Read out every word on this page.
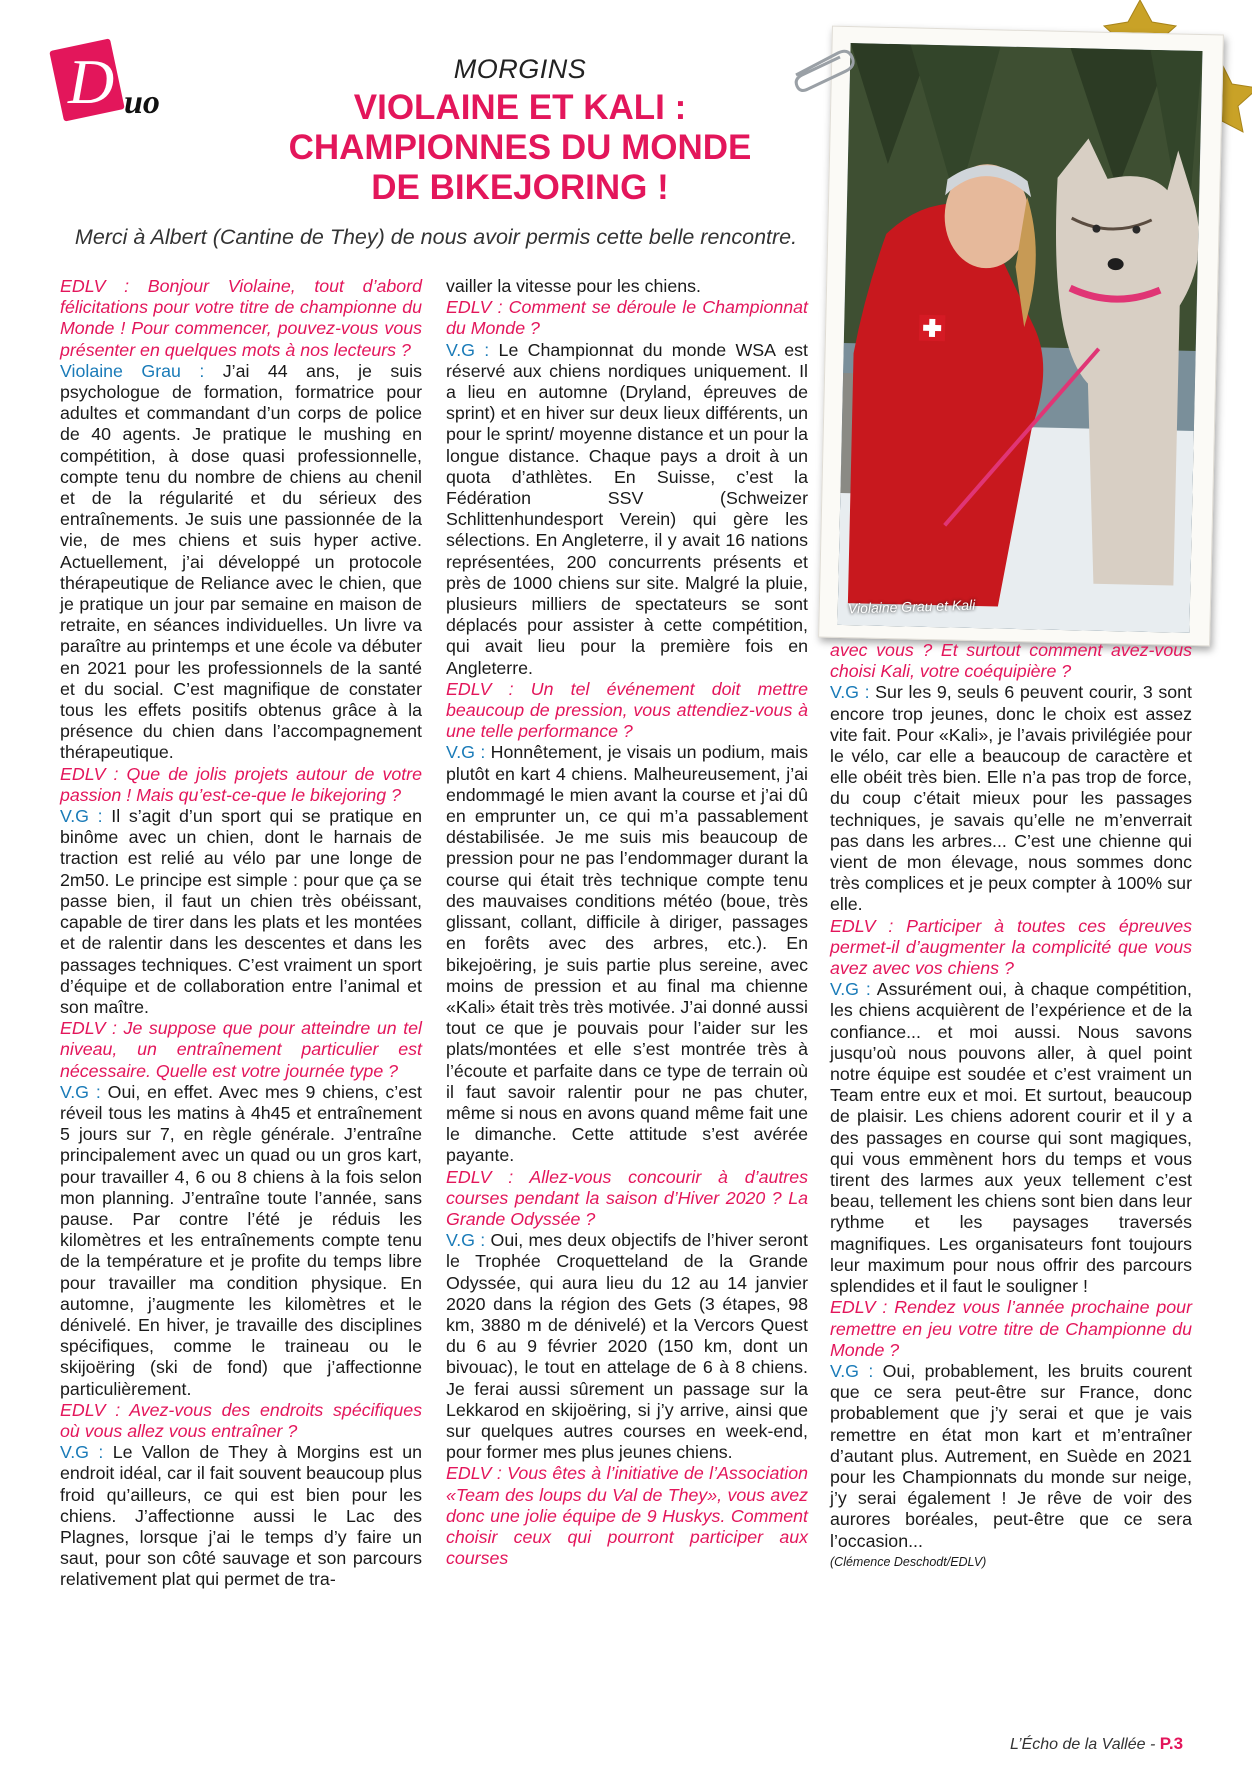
D uo
MORGINS
VIOLAINE ET KALI :
CHAMPIONNES DU MONDE
DE BIKEJORING !
Merci à Albert (Cantine de They) de nous avoir permis cette belle rencontre.
Violaine Grau et Kali

EDLV : Bonjour Violaine, tout d’abord félicitations pour votre titre de championne du Monde ! Pour commencer, pouvez-vous vous présenter en quelques mots à nos lecteurs ?

Violaine Grau : J’ai 44 ans, je suis psychologue de formation, formatrice pour adultes et commandant d’un corps de police de 40 agents. Je pratique le mushing en compétition, à dose quasi professionnelle, compte tenu du nombre de chiens au chenil et de la régularité et du sérieux des entraînements. Je suis une passionnée de la vie, de mes chiens et suis hyper active. Actuellement, j’ai développé un protocole thérapeutique de Reliance avec le chien, que je pratique un jour par semaine en maison de retraite, en séances individuelles. Un livre va paraître au printemps et une école va débuter en 2021 pour les professionnels de la santé et du social. C’est magnifique de constater tous les effets positifs obtenus grâce à la présence du chien dans l’accompagnement thérapeutique.

EDLV : Que de jolis projets autour de votre passion ! Mais qu’est-ce-que le bikejoring ?

V.G : Il s’agit d’un sport qui se pratique en binôme avec un chien, dont le harnais de traction est relié au vélo par une longe de 2m50. Le principe est simple : pour que ça se passe bien, il faut un chien très obéissant, capable de tirer dans les plats et les montées et de ralentir dans les descentes et dans les passages techniques. C’est vraiment un sport d’équipe et de collaboration entre l’animal et son maître.

EDLV : Je suppose que pour atteindre un tel niveau, un entraînement particulier est nécessaire. Quelle est votre journée type ?

V.G : Oui, en effet. Avec mes 9 chiens, c’est réveil tous les matins à 4h45 et entraînement 5 jours sur 7, en règle générale. J’entraîne principalement avec un quad ou un gros kart, pour travailler 4, 6 ou 8 chiens à la fois selon mon planning. J’entraîne toute l’année, sans pause. Par contre l’été je réduis les kilomètres et les entraînements compte tenu de la température et je profite du temps libre pour travailler ma condition physique. En automne, j’augmente les kilomètres et le dénivelé. En hiver, je travaille des disciplines spécifiques, comme le traineau ou le skijoëring (ski de fond) que j’affectionne particulièrement.

EDLV : Avez-vous des endroits spécifiques où vous allez vous entraîner ?

V.G : Le Vallon de They à Morgins est un endroit idéal, car il fait souvent beaucoup plus froid qu’ailleurs, ce qui est bien pour les chiens. J’affectionne aussi le Lac des Plagnes, lorsque j’ai le temps d’y faire un saut, pour son côté sauvage et son parcours relativement plat qui permet de tra-

vailler la vitesse pour les chiens.

EDLV : Comment se déroule le Championnat du Monde ?

V.G : Le Championnat du monde WSA est réservé aux chiens nordiques uniquement. Il a lieu en automne (Dryland, épreuves de sprint) et en hiver sur deux lieux différents, un pour le sprint/ moyenne distance et un pour la longue distance. Chaque pays a droit à un quota d’athlètes. En Suisse, c’est la Fédération SSV (Schweizer Schlittenhundesport Verein) qui gère les sélections. En Angleterre, il y avait 16 nations représentées, 200 concurrents présents et près de 1000 chiens sur site. Malgré la pluie, plusieurs milliers de spectateurs se sont déplacés pour assister à cette compétition, qui avait lieu pour la première fois en Angleterre.

EDLV : Un tel événement doit mettre beaucoup de pression, vous attendiez-vous à une telle performance ?

V.G : Honnêtement, je visais un podium, mais plutôt en kart 4 chiens. Malheureusement, j’ai endommagé le mien avant la course et j’ai dû en emprunter un, ce qui m’a passablement déstabilisée. Je me suis mis beaucoup de pression pour ne pas l’endommager durant la course qui était très technique compte tenu des mauvaises conditions météo (boue, très glissant, collant, difficile à diriger, passages en forêts avec des arbres, etc.). En bikejoëring, je suis partie plus sereine, avec moins de pression et au final ma chienne «Kali» était très très motivée. J’ai donné aussi tout ce que je pouvais pour l’aider sur les plats/montées et elle s’est montrée très à l’écoute et parfaite dans ce type de terrain où il faut savoir ralentir pour ne pas chuter, même si nous en avons quand même fait une le dimanche. Cette attitude s’est avérée payante.

EDLV : Allez-vous concourir à d’autres courses pendant la saison d’Hiver 2020 ? La Grande Odyssée ?

V.G : Oui, mes deux objectifs de l’hiver seront le Trophée Croquetteland de la Grande Odyssée, qui aura lieu du 12 au 14 janvier 2020 dans la région des Gets (3 étapes, 98 km, 3880 m de dénivelé) et la Vercors Quest du 6 au 9 février 2020 (150 km, dont un bivouac), le tout en attelage de 6 à 8 chiens. Je ferai aussi sûrement un passage sur la Lekkarod en skijoëring, si j’y arrive, ainsi que sur quelques autres courses en week-end, pour former mes plus jeunes chiens.

EDLV : Vous êtes à l’initiative de l’Association «Team des loups du Val de They», vous avez donc une jolie équipe de 9 Huskys. Comment choisir ceux qui pourront participer aux courses

avec vous ? Et surtout comment avez-vous choisi Kali, votre coéquipière ?

V.G : Sur les 9, seuls 6 peuvent courir, 3 sont encore trop jeunes, donc le choix est assez vite fait. Pour «Kali», je l’avais privilégiée pour le vélo, car elle a beaucoup de caractère et elle obéit très bien. Elle n’a pas trop de force, du coup c’était mieux pour les passages techniques, je savais qu’elle ne m’enverrait pas dans les arbres... C’est une chienne qui vient de mon élevage, nous sommes donc très complices et je peux compter à 100% sur elle.

EDLV : Participer à toutes ces épreuves permet-il d’augmenter la complicité que vous avez avec vos chiens ?

V.G : Assurément oui, à chaque compétition, les chiens acquièrent de l’expérience et de la confiance... et moi aussi. Nous savons jusqu’où nous pouvons aller, à quel point notre équipe est soudée et c’est vraiment un Team entre eux et moi. Et surtout, beaucoup de plaisir. Les chiens adorent courir et il y a des passages en course qui sont magiques, qui vous emmènent hors du temps et vous tirent des larmes aux yeux tellement c’est beau, tellement les chiens sont bien dans leur rythme et les paysages traversés magnifiques. Les organisateurs font toujours leur maximum pour nous offrir des parcours splendides et il faut le souligner !

EDLV : Rendez vous l’année prochaine pour remettre en jeu votre titre de Championne du Monde ?

V.G : Oui, probablement, les bruits courent que ce sera peut-être sur France, donc probablement que j’y serai et que je vais remettre en état mon kart et m’entraîner d’autant plus. Autrement, en Suède en 2021 pour les Championnats du monde sur neige, j’y serai également ! Je rêve de voir des aurores boréales, peut-être que ce sera l’occasion...

(Clémence Deschodt/EDLV)

L’Écho de la Vallée - P.3
